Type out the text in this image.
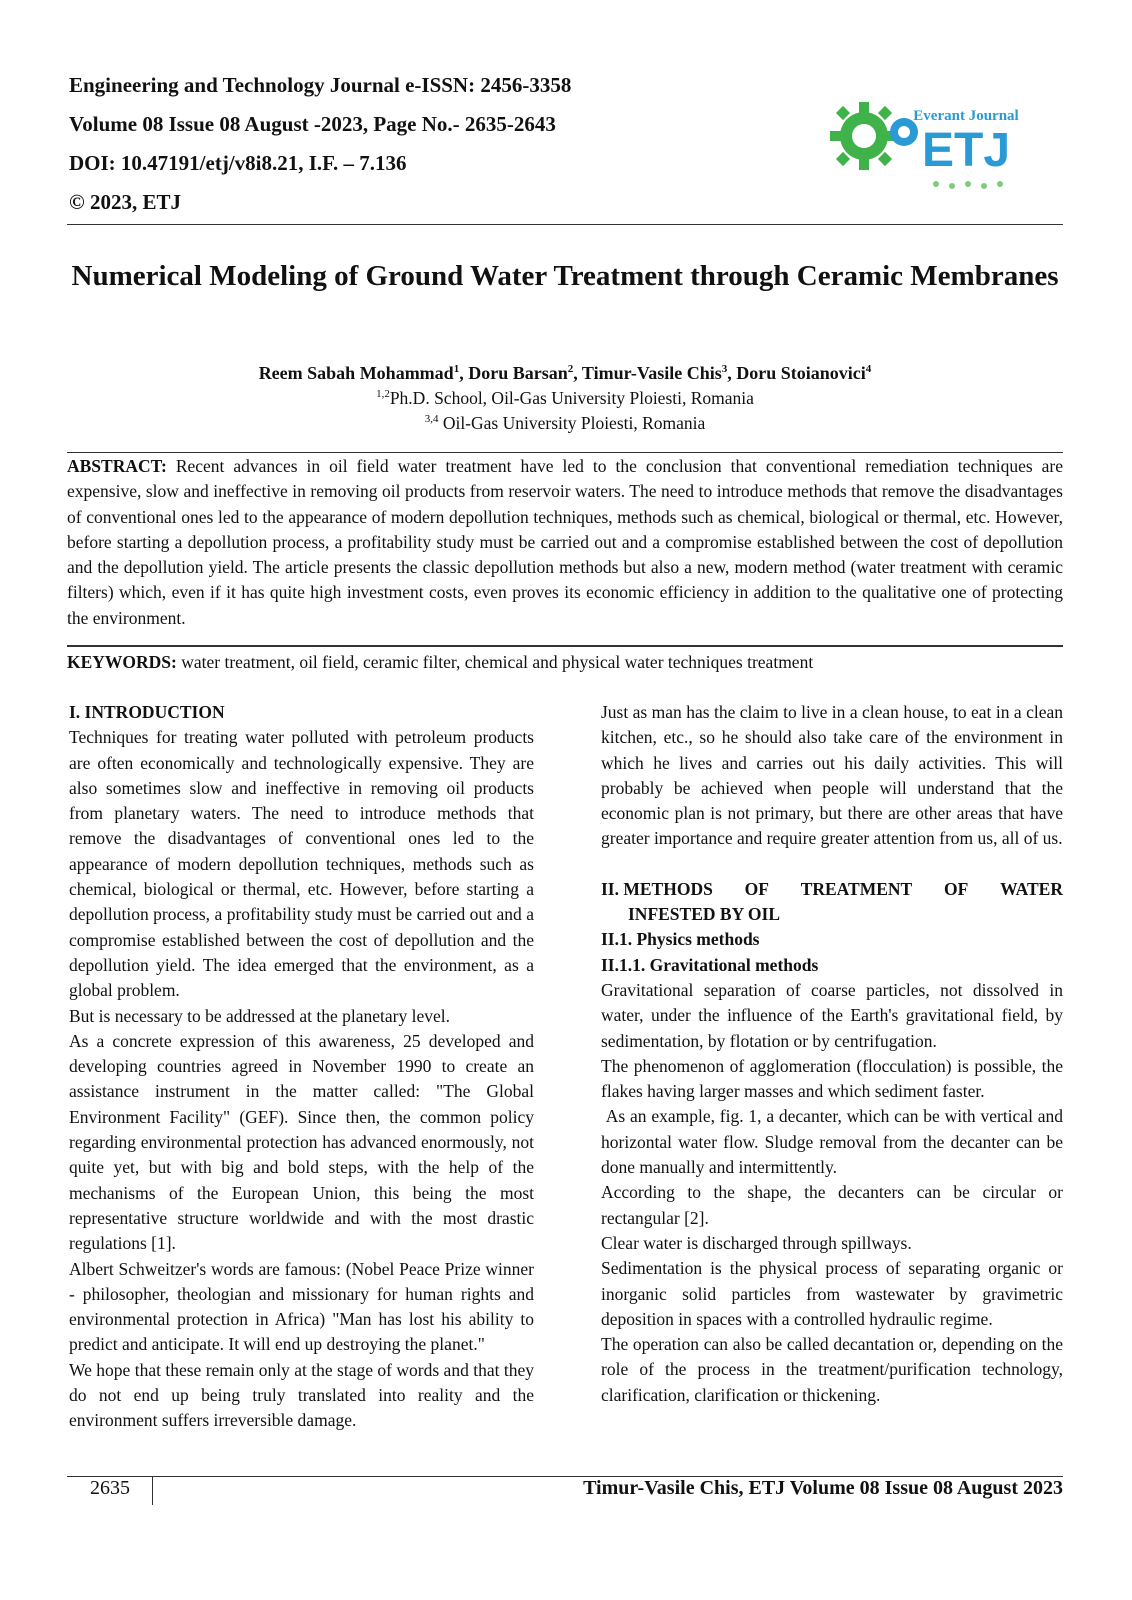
Engineering and Technology Journal e-ISSN: 2456-3358
Volume 08 Issue 08 August -2023, Page No.- 2635-2643
DOI: 10.47191/etj/v8i8.21, I.F. – 7.136
© 2023, ETJ
Everant Journal
ETJ
Numerical Modeling of Ground Water Treatment through Ceramic Membranes
Reem Sabah Mohammad$^1$, Doru Barsan$^2$, Timur-Vasile Chis$^3$, Doru Stoianovici$^4$
$^{1,2}$Ph.D. School, Oil-Gas University Ploiesti, Romania
$^{3,4}$ Oil-Gas University Ploiesti, Romania
ABSTRACT: Recent advances in oil field water treatment have led to the conclusion that conventional remediation techniques are expensive, slow and ineffective in removing oil products from reservoir waters. The need to introduce methods that remove the disadvantages of conventional ones led to the appearance of modern depollution techniques, methods such as chemical, biological or thermal, etc. However, before starting a depollution process, a profitability study must be carried out and a compromise established between the cost of depollution and the depollution yield. The article presents the classic depollution methods but also a new, modern method (water treatment with ceramic filters) which, even if it has quite high investment costs, even proves its economic efficiency in addition to the qualitative one of protecting the environment.
KEYWORDS: water treatment, oil field, ceramic filter, chemical and physical water techniques treatment

I. INTRODUCTION

Techniques for treating water polluted with petroleum products are often economically and technologically expensive. They are also sometimes slow and ineffective in removing oil products from planetary waters. The need to introduce methods that remove the disadvantages of conventional ones led to the appearance of modern depollution techniques, methods such as chemical, biological or thermal, etc. However, before starting a depollution process, a profitability study must be carried out and a compromise established between the cost of depollution and the depollution yield. The idea emerged that the environment, as a global problem.

But is necessary to be addressed at the planetary level.

As a concrete expression of this awareness, 25 developed and developing countries agreed in November 1990 to create an assistance instrument in the matter called: "The Global Environment Facility" (GEF). Since then, the common policy regarding environmental protection has advanced enormously, not quite yet, but with big and bold steps, with the help of the mechanisms of the European Union, this being the most representative structure worldwide and with the most drastic regulations [1].

Albert Schweitzer's words are famous: (Nobel Peace Prize winner - philosopher, theologian and missionary for human rights and environmental protection in Africa) "Man has lost his ability to predict and anticipate. It will end up destroying the planet."

We hope that these remain only at the stage of words and that they do not end up being truly translated into reality and the environment suffers irreversible damage.

Just as man has the claim to live in a clean house, to eat in a clean kitchen, etc., so he should also take care of the environment in which he lives and carries out his daily activities. This will probably be achieved when people will understand that the economic plan is not primary, but there are other areas that have greater importance and require greater attention from us, all of us.

II. METHODS OF TREATMENT OF WATER

INFESTED BY OIL

II.1. Physics methods

II.1.1. Gravitational methods

Gravitational separation of coarse particles, not dissolved in water, under the influence of the Earth's gravitational field, by sedimentation, by flotation or by centrifugation.

The phenomenon of agglomeration (flocculation) is possible, the flakes having larger masses and which sediment faster.

As an example, fig. 1, a decanter, which can be with vertical and horizontal water flow. Sludge removal from the decanter can be done manually and intermittently.

According to the shape, the decanters can be circular or rectangular [2].

Clear water is discharged through spillways.

Sedimentation is the physical process of separating organic or inorganic solid particles from wastewater by gravimetric deposition in spaces with a controlled hydraulic regime.

The operation can also be called decantation or, depending on the role of the process in the treatment/purification technology, clarification, clarification or thickening.

2635	Timur-Vasile Chis, ETJ Volume 08 Issue 08 August 2023
